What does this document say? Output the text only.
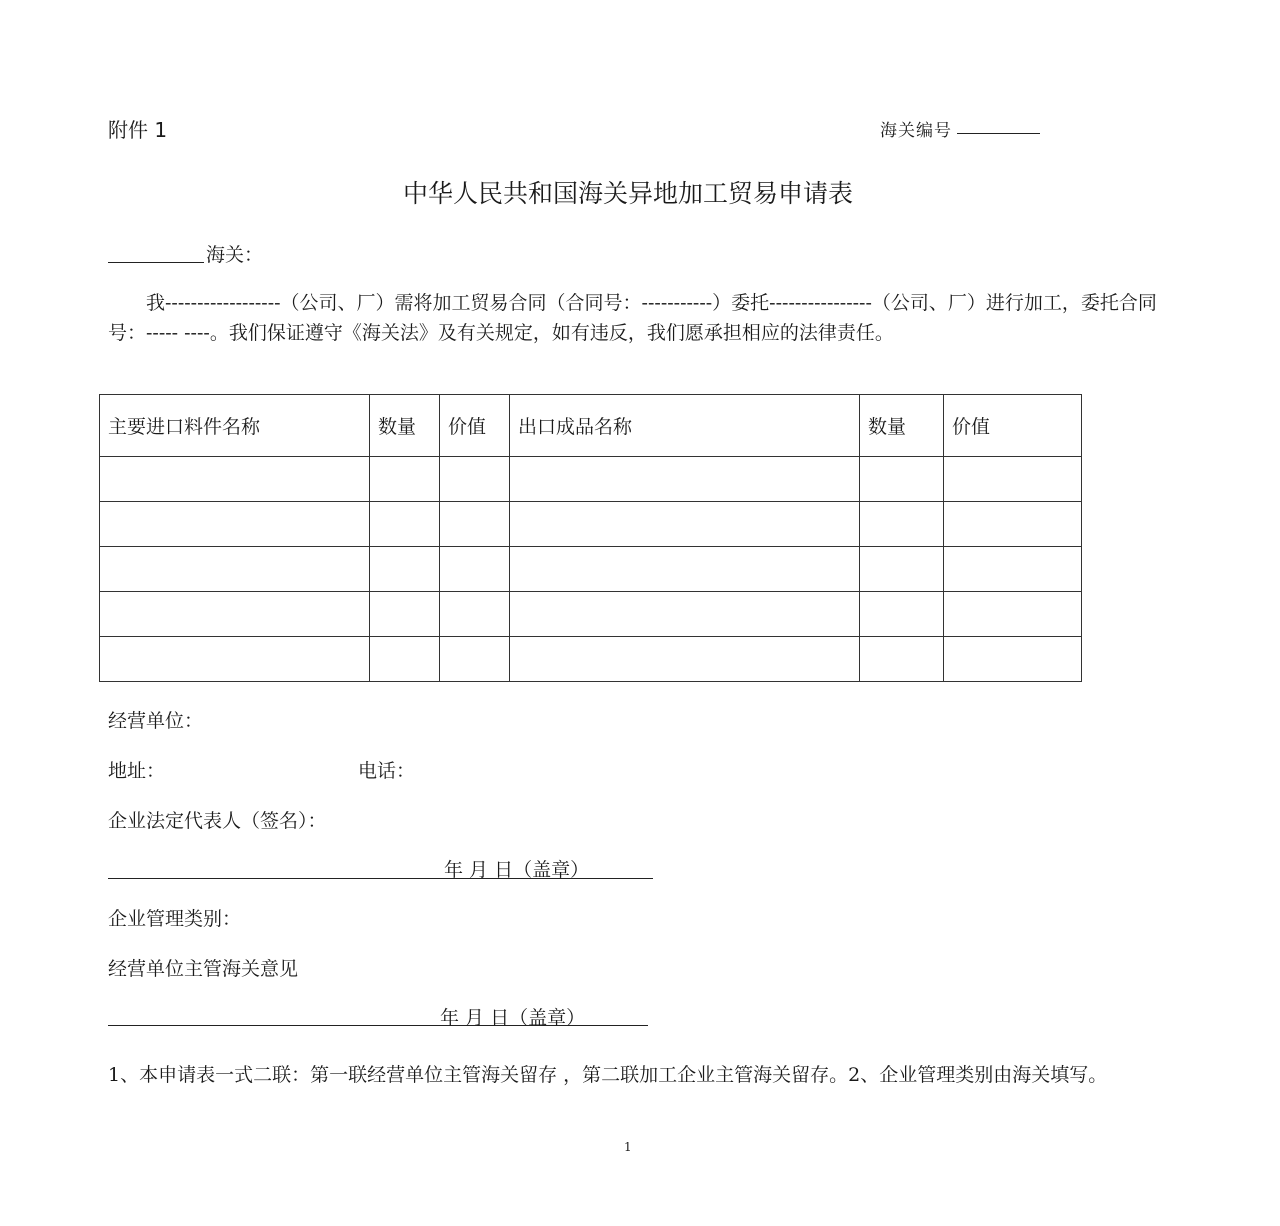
附件 1	海关编号
中华人民共和国海关异地加工贸易申请表
海关：
我------------------（公司、厂）需将加工贸易合同（合同号：-----------）委托----------------（公司、厂）进行加工，委托合同号：----- ----。我们保证遵守《海关法》及有关规定，如有违反，我们愿承担相应的法律责任。
主要进口料件名称	数量	价值	出口成品名称	数量	价值

经营单位：
地址：	电话：
企业法定代表人（签名）：
年 月 日（盖章）
企业管理类别：
经营单位主管海关意见
年 月 日（盖章）
1、本申请表一式二联：第一联经营单位主管海关留存 ，第二联加工企业主管海关留存。2、企业管理类别由海关填写。
1
